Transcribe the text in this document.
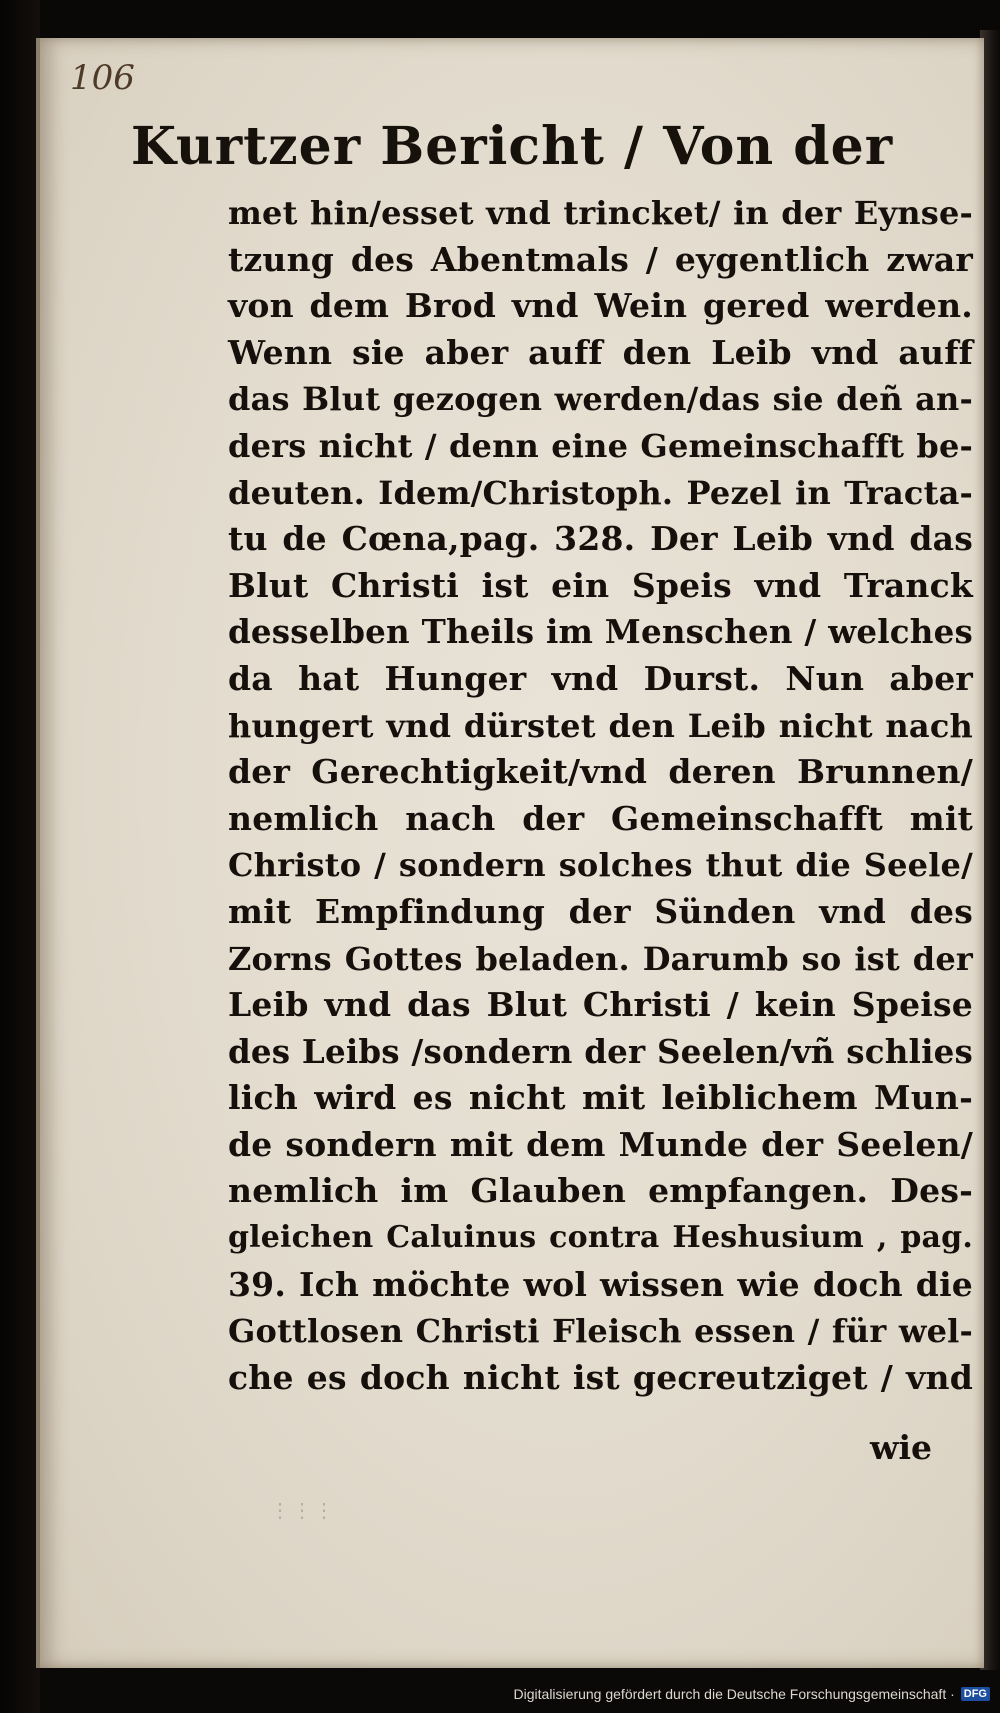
106
Kurtzer Bericht / Von der
met hin/esset vnd trincket/ in der Eynse-
tzung des Abentmals / eygentlich zwar
von dem Brod vnd Wein gered werden.
Wenn sie aber auff den Leib vnd auff
das Blut gezogen werden/das sie deñ an-
ders nicht / denn eine Gemeinschafft be-
deuten. Idem/Christoph. Pezel in Tracta-
tu de Cœna,pag. 328. Der Leib vnd das
Blut Christi ist ein Speis vnd Tranck
desselben Theils im Menschen / welches
da hat Hunger vnd Durst. Nun aber
hungert vnd dürstet den Leib nicht nach
der Gerechtigkeit/vnd deren Brunnen/
nemlich nach der Gemeinschafft mit
Christo / sondern solches thut die Seele/
mit Empfindung der Sünden vnd des
Zorns Gottes beladen. Darumb so ist der
Leib vnd das Blut Christi / kein Speise
des Leibs /sondern der Seelen/vñ schlies
lich wird es nicht mit leiblichem Mun-
de sondern mit dem Munde der Seelen/
nemlich im Glauben empfangen. Des-
gleichen Caluinus contra Heshusium , pag.
39. Ich möchte wol wissen wie doch die
Gottlosen Christi Fleisch essen / für wel-
che es doch nicht ist gecreutziget / vnd
wie
⋮⋮⋮
Digitalisierung gefördert durch die Deutsche Forschungsgemeinschaft · DFG
